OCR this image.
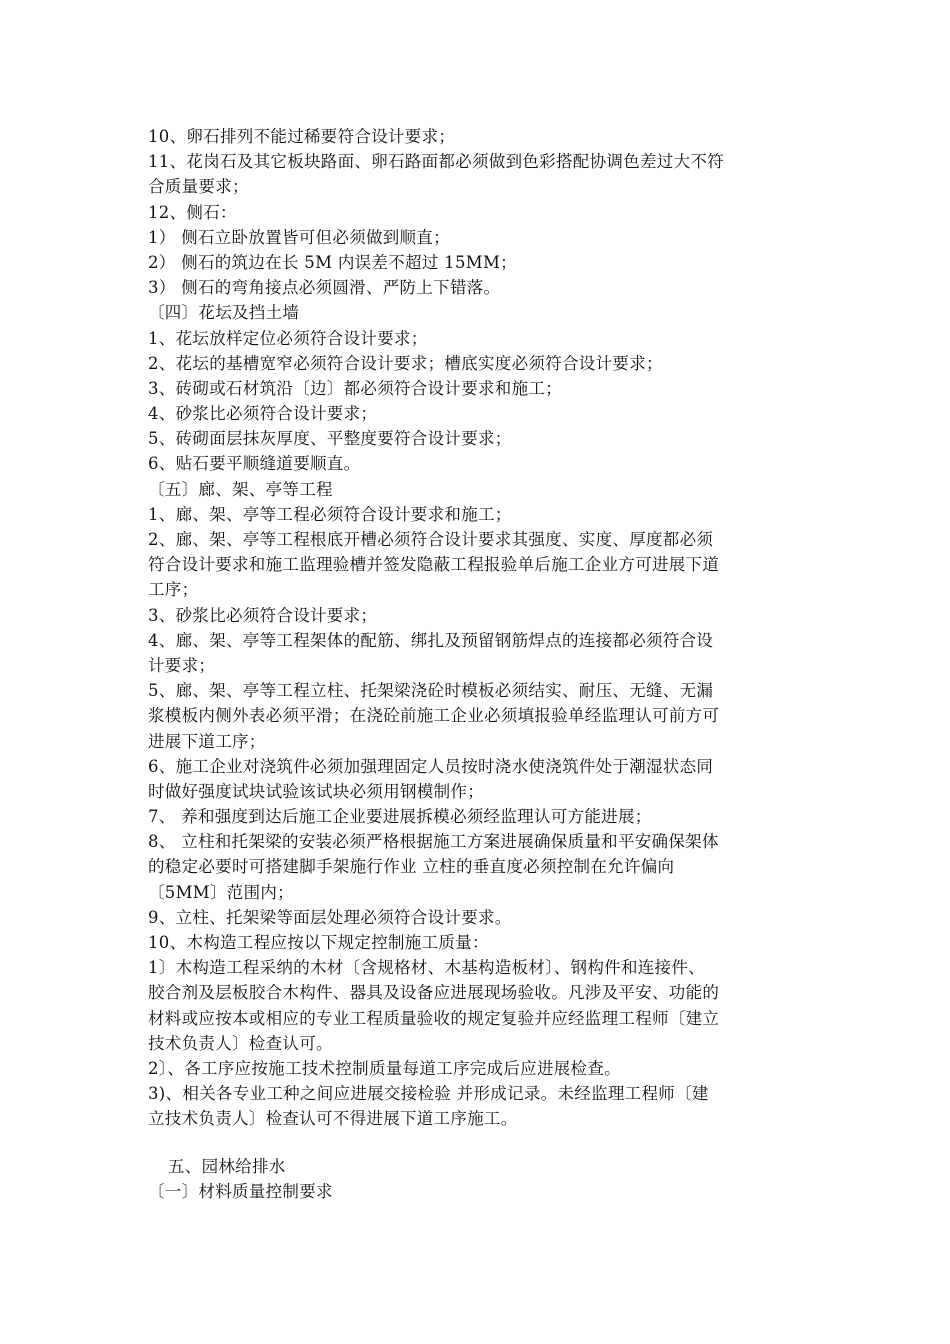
10、卵石排列不能过稀要符合设计要求；
11、花岗石及其它板块路面、卵石路面都必须做到色彩搭配协调色差过大不符
合质量要求；
12、侧石：
1） 侧石立卧放置皆可但必须做到顺直；
2） 侧石的筑边在长 5M 内误差不超过 15MM；
3） 侧石的弯角接点必须圆滑、严防上下错落。
〔四〕花坛及挡土墙
1、花坛放样定位必须符合设计要求；
2、花坛的基槽宽窄必须符合设计要求；槽底实度必须符合设计要求；
3、砖砌或石材筑沿〔边〕都必须符合设计要求和施工；
4、砂浆比必须符合设计要求；
5、砖砌面层抹灰厚度、平整度要符合设计要求；
6、贴石要平顺缝道要顺直。
〔五〕廊、架、亭等工程
1、廊、架、亭等工程必须符合设计要求和施工；
2、廊、架、亭等工程根底开槽必须符合设计要求其强度、实度、厚度都必须
符合设计要求和施工监理验槽并签发隐蔽工程报验单后施工企业方可进展下道
工序；
3、砂浆比必须符合设计要求；
4、廊、架、亭等工程架体的配筋、绑扎及预留钢筋焊点的连接都必须符合设
计要求；
5、廊、架、亭等工程立柱、托架梁浇砼时模板必须结实、耐压、无缝、无漏
浆模板内侧外表必须平滑；在浇砼前施工企业必须填报验单经监理认可前方可
进展下道工序；
6、施工企业对浇筑件必须加强理固定人员按时浇水使浇筑件处于潮湿状态同
时做好强度试块试验该试块必须用钢模制作；
7、 养和强度到达后施工企业要进展拆模必须经监理认可方能进展；
8、 立柱和托架梁的安装必须严格根据施工方案进展确保质量和平安确保架体
的稳定必要时可搭建脚手架施行作业 立柱的垂直度必须控制在允许偏向
〔5MM〕范围内；
9、立柱、托架梁等面层处理必须符合设计要求。
10、木构造工程应按以下规定控制施工质量：
1〕木构造工程采纳的木材〔含规格材、木基构造板材〕、钢构件和连接件、
胶合剂及层板胶合木构件、器具及设备应进展现场验收。凡涉及平安、功能的
材料或应按本或相应的专业工程质量验收的规定复验并应经监理工程师〔建立
技术负责人〕检查认可。
2〕、各工序应按施工技术控制质量每道工序完成后应进展检查。
3)、相关各专业工种之间应进展交接检验 并形成记录。未经监理工程师〔建
立技术负责人〕检查认可不得进展下道工序施工。
五、园林给排水
〔一〕材料质量控制要求
